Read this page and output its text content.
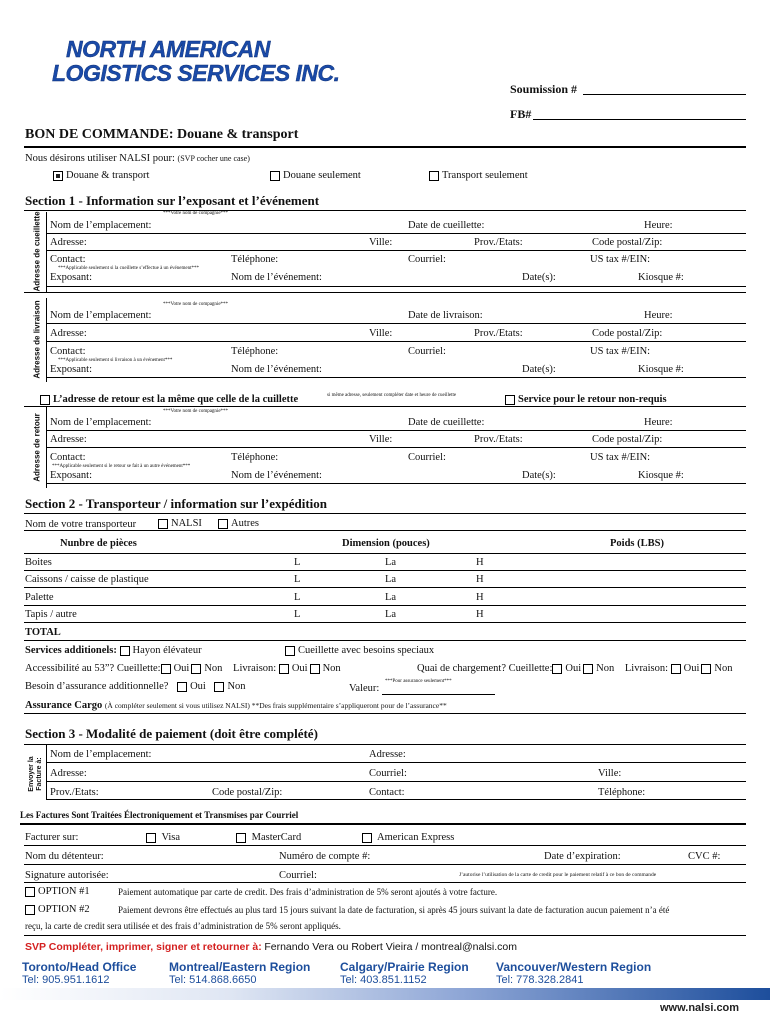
NORTH AMERICAN
LOGISTICS SERVICES INC.
Soumission #
FB#
BON DE COMMANDE: Douane & transport
Nous désirons utiliser NALSI pour: (SVP cocher une case)
Douane & transport	Douane seulement	Transport seulement
Section 1 - Information sur l’exposant et l’événement
Adresse de cueillette	***Votre nom de compagnie***
Nom de l’emplacement:	Date de cueillette:	Heure:
Adresse:	Ville:	Prov./Etats:	Code postal/Zip:
Contact:	Téléphone:	Courriel:	US tax #/EIN:
***Applicable seulement si la cueillette s’effectue à un événement***
Exposant:	Nom de l’événement:	Date(s):	Kiosque #:
Adresse de livraison	***Votre nom de compagnie***
Nom de l’emplacement:	Date de livraison:	Heure:
Adresse:	Ville:	Prov./Etats:	Code postal/Zip:
Contact:	Téléphone:	Courriel:	US tax #/EIN:
***Applicable seulement si livraison à un événement***
Exposant:	Nom de l’événement:	Date(s):	Kiosque #:
L’adresse de retour est la même que celle de la cuillette	si même adresse, seulement compléter date et heure de cueillette	Service pour le retour non-requis
Adresse de retour
***Votre nom de compagnie***
Nom de l’emplacement:	Date de cueillette:	Heure:
Adresse:	Ville:	Prov./Etats:	Code postal/Zip:
Contact:	Téléphone:	Courriel:	US tax #/EIN:
***Applicable seulement si le retour se fait à un autre événement***
Exposant:	Nom de l’événement:	Date(s):	Kiosque #:
Section 2 - Transporteur / information sur l’expédition
Nom de votre transporteur	NALSI	Autres
Nunbre de pièces	Dimension (pouces)	Poids (LBS)
Boites	L	La	H
Caissons / caisse de plastique	L	La	H
Palette	L	La	H
Tapis / autre	L	La	H
TOTAL
Services additionels: Hayon élévateur	Cueillette avec besoins speciaux
Accessibilité au 53”? Cueillette: Oui Non Livraison: Oui Non	Quai de chargement? Cueillette: Oui Non Livraison: Oui Non
Besoin d’assurance additionnelle? Oui Non	Valeur:
***Pour assurance seulement***
Assurance Cargo (À compléter seulement si vous utilisez NALSI) **Des frais supplémentaire s’appliqueront pour de l’assurance**
Section 3 - Modalité de paiement (doit être complété)
Envoyer la Facture à:
Nom de l’emplacement:	Adresse:
Adresse:	Courriel:	Ville:
Prov./Etats:	Code postal/Zip:	Contact:	Téléphone:
Les Factures Sont Traitées Électroniquement et Transmises par Courriel
Facturer sur:	Visa	MasterCard	American Express
Nom du détenteur:	Numéro de compte #:	Date d’expiration:	CVC #:
Signature autorisée:	Courriel:	J’autorise l’utilisation de la carte de credit pour le paiement relatif à ce bon de commande
OPTION #1	Paiement automatique par carte de credit. Des frais d’administration de 5% seront ajoutés à votre facture.
OPTION #2	Paiement devrons être effectués au plus tard 15 jours suivant la date de facturation, si après 45 jours suivant la date de facturation aucun paiement n’a été
reçu, la carte de credit sera utilisée et des frais d’administration de 5% seront appliqués.
SVP Compléter, imprimer, signer et retourner à: Fernando Vera ou Robert Vieira / montreal@nalsi.com
Toronto/Head Office
Tel: 905.951.1612
Montreal/Eastern Region
Tel: 514.868.6650
Calgary/Prairie Region
Tel: 403.851.1152
Vancouver/Western Region
Tel: 778.328.2841
www.nalsi.com
